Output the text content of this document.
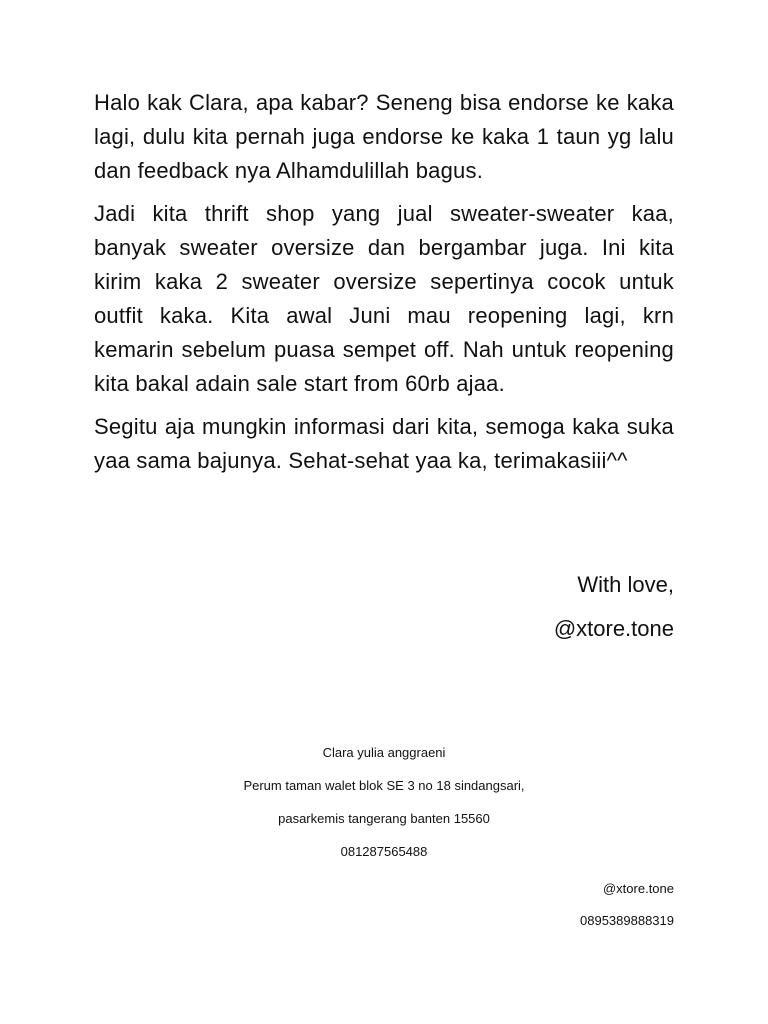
Halo kak Clara, apa kabar? Seneng bisa endorse ke kaka lagi, dulu kita pernah juga endorse ke kaka 1 taun yg lalu dan feedback nya Alhamdulillah bagus.

Jadi kita thrift shop yang jual sweater-sweater kaa, banyak sweater oversize dan bergambar juga. Ini kita kirim kaka 2 sweater oversize sepertinya cocok untuk outfit kaka. Kita awal Juni mau reopening lagi, krn kemarin sebelum puasa sempet off. Nah untuk reopening kita bakal adain sale start from 60rb ajaa.

Segitu aja mungkin informasi dari kita, semoga kaka suka yaa sama bajunya. Sehat-sehat yaa ka, terimakasiii^^

With love,
@xtore.tone
Clara yulia anggraeni
Perum taman walet blok SE 3 no 18 sindangsari,
pasarkemis tangerang banten 15560
081287565488
@xtore.tone
0895389888319
